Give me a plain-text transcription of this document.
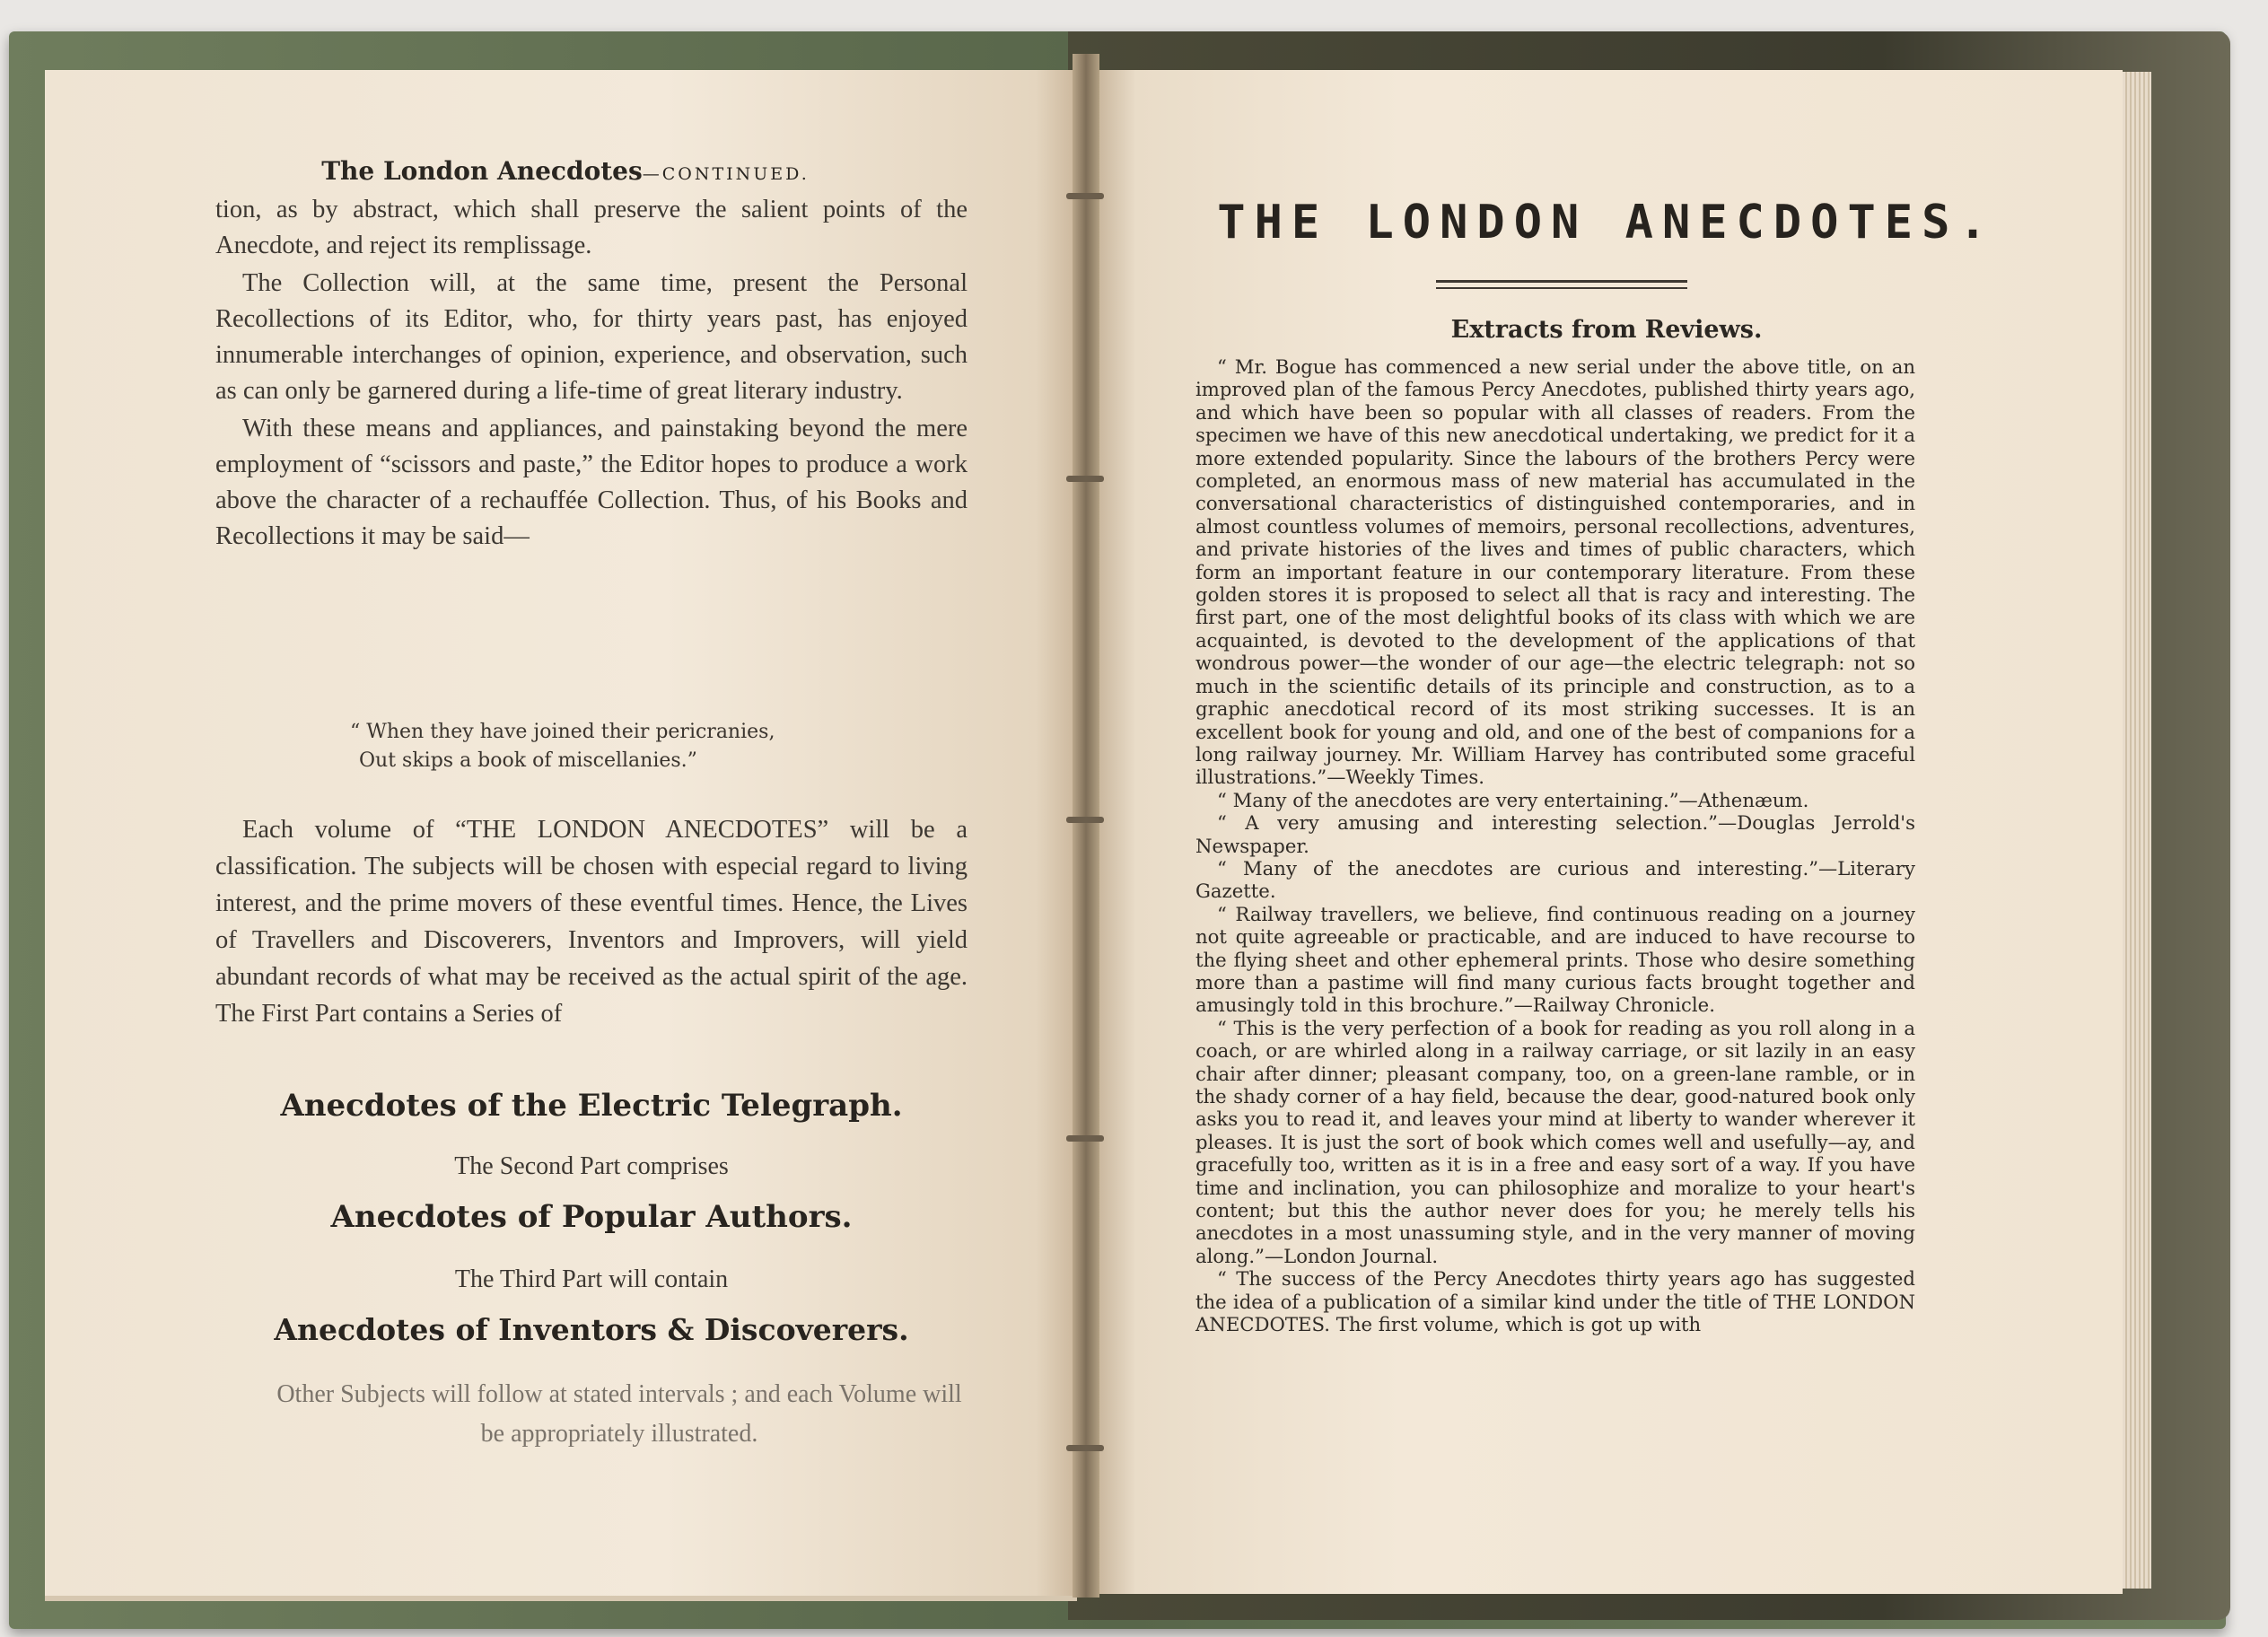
The London Anecdotes—CONTINUED.

tion, as by abstract, which shall preserve the salient points of the Anecdote, and reject its remplissage.

The Collection will, at the same time, present the Personal Recollections of its Editor, who, for thirty years past, has enjoyed innumerable interchanges of opinion, experience, and observation, such as can only be garnered during a life-time of great literary industry.

With these means and appliances, and painstaking beyond the mere employment of “scissors and paste,” the Editor hopes to produce a work above the character of a rechauffée Collection. Thus, of his Books and Recollections it may be said—

“ When they have joined their pericranies,
Out skips a book of miscellanies.”

Each volume of “THE LONDON ANECDOTES” will be a classification. The subjects will be chosen with especial regard to living interest, and the prime movers of these eventful times. Hence, the Lives of Travellers and Discoverers, Inventors and Improvers, will yield abundant records of what may be received as the actual spirit of the age. The First Part contains a Series of

Anecdotes of the Electric Telegraph.
The Second Part comprises
Anecdotes of Popular Authors.
The Third Part will contain
Anecdotes of Inventors & Discoverers.
Other Subjects will follow at stated intervals ; and each Volume will be appropriately illustrated.
THE LONDON ANECDOTES.
Extracts from Reviews.

“ Mr. Bogue has commenced a new serial under the above title, on an improved plan of the famous Percy Anecdotes, published thirty years ago, and which have been so popular with all classes of readers. From the specimen we have of this new anecdotical undertaking, we predict for it a more extended popularity. Since the labours of the brothers Percy were completed, an enormous mass of new material has accumulated in the conversational characteristics of distinguished contemporaries, and in almost countless volumes of memoirs, personal recollections, adventures, and private histories of the lives and times of public characters, which form an important feature in our contemporary literature. From these golden stores it is proposed to select all that is racy and interesting. The first part, one of the most delightful books of its class with which we are acquainted, is devoted to the development of the applications of that wondrous power—the wonder of our age—the electric telegraph: not so much in the scientific details of its principle and construction, as to a graphic anecdotical record of its most striking successes. It is an excellent book for young and old, and one of the best of companions for a long railway journey. Mr. William Harvey has contributed some graceful illustrations.”—Weekly Times.

“ Many of the anecdotes are very entertaining.”—Athenæum.

“ A very amusing and interesting selection.”—Douglas Jerrold's Newspaper.

“ Many of the anecdotes are curious and interesting.”—Literary Gazette.

“ Railway travellers, we believe, find continuous reading on a journey not quite agreeable or practicable, and are induced to have recourse to the flying sheet and other ephemeral prints. Those who desire something more than a pastime will find many curious facts brought together and amusingly told in this brochure.”—Railway Chronicle.

“ This is the very perfection of a book for reading as you roll along in a coach, or are whirled along in a railway carriage, or sit lazily in an easy chair after dinner; pleasant company, too, on a green-lane ramble, or in the shady corner of a hay field, because the dear, good-natured book only asks you to read it, and leaves your mind at liberty to wander wherever it pleases. It is just the sort of book which comes well and usefully—ay, and gracefully too, written as it is in a free and easy sort of a way. If you have time and inclination, you can philosophize and moralize to your heart's content; but this the author never does for you; he merely tells his anecdotes in a most unassuming style, and in the very manner of moving along.”—London Journal.

“ The success of the Percy Anecdotes thirty years ago has suggested the idea of a publication of a similar kind under the title of THE LONDON ANECDOTES. The first volume, which is got up with
